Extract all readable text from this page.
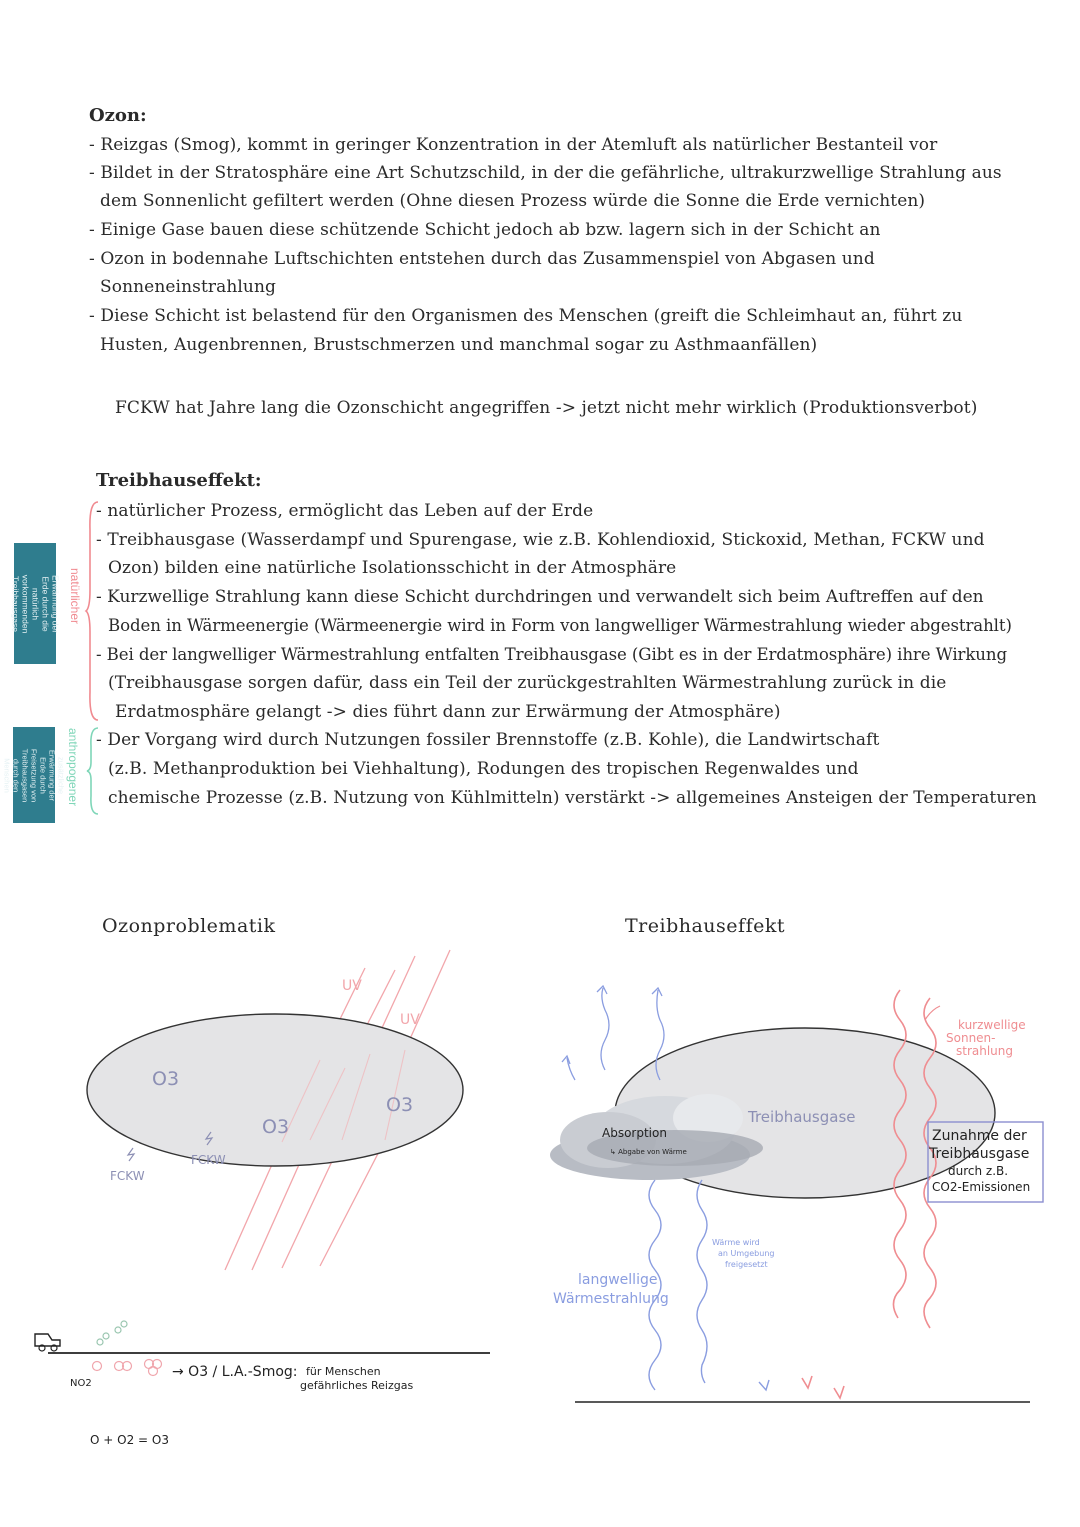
Ozon:
- Reizgas (Smog), kommt in geringer Konzentration in der Atemluft als natürlicher Bestanteil vor
- Bildet in der Stratosphäre eine Art Schutzschild, in der die gefährliche, ultrakurzwellige Strahlung aus
dem Sonnenlicht gefiltert werden (Ohne diesen Prozess würde die Sonne die Erde vernichten)
- Einige Gase bauen diese schützende Schicht jedoch ab bzw. lagern sich in der Schicht an
- Ozon in bodennahe Luftschichten entstehen durch das Zusammenspiel von Abgasen und
Sonneneinstrahlung
- Diese Schicht ist belastend für den Organismen des Menschen (greift die Schleimhaut an, führt zu
Husten, Augenbrennen, Brustschmerzen und manchmal sogar zu Asthmaanfällen)
FCKW hat Jahre lang die Ozonschicht angegriffen -> jetzt nicht mehr wirklich (Produktionsverbot)
Treibhauseffekt:
- natürlicher Prozess, ermöglicht das Leben auf der Erde
- Treibhausgase (Wasserdampf und Spurengase, wie z.B. Kohlendioxid, Stickoxid, Methan, FCKW und
Ozon) bilden eine natürliche Isolationsschicht in der Atmosphäre
- Kurzwellige Strahlung kann diese Schicht durchdringen und verwandelt sich beim Auftreffen auf den
Boden in Wärmeenergie (Wärmeenergie wird in Form von langwelliger Wärmestrahlung wieder abgestrahlt)
- Bei der langwelliger Wärmestrahlung entfalten Treibhausgase (Gibt es in der Erdatmosphäre) ihre Wirkung
(Treibhausgase sorgen dafür, dass ein Teil der zurückgestrahlten Wärmestrahlung zurück in die
Erdatmosphäre gelangt -> dies führt dann zur Erwärmung der Atmosphäre)
- Der Vorgang wird durch Nutzungen fossiler Brennstoffe (z.B. Kohle), die Landwirtschaft
(z.B. Methanproduktion bei Viehhaltung), Rodungen des tropischen Regenwaldes und
chemische Prozesse (z.B. Nutzung von Kühlmitteln) verstärkt -> allgemeines Ansteigen der Temperaturen
Erwärmung der Erde durch die natürlich vorkommenden Treibhausgase	natürlicher
zusätzliche Erwärmung der Erde durch Freisetzung von Treibhausgasen durch den Menschen	anthropogener
Ozonproblematik
O3
O3
O3
UV
UV
FCKW
FCKW
NO2
→ O3 / L.A.-Smog: für Menschen
gefährliches Reizgas
O + O2 = O3
Treibhauseffekt
Treibhausgase
Absorption
↳ Abgabe von Wärme
kurzwellige
Sonnen-
strahlung
Zunahme der
Treibhausgase
durch z.B.
CO2-Emissionen
Wärme wird
an Umgebung
freigesetzt
langwellige
Wärmestrahlung
